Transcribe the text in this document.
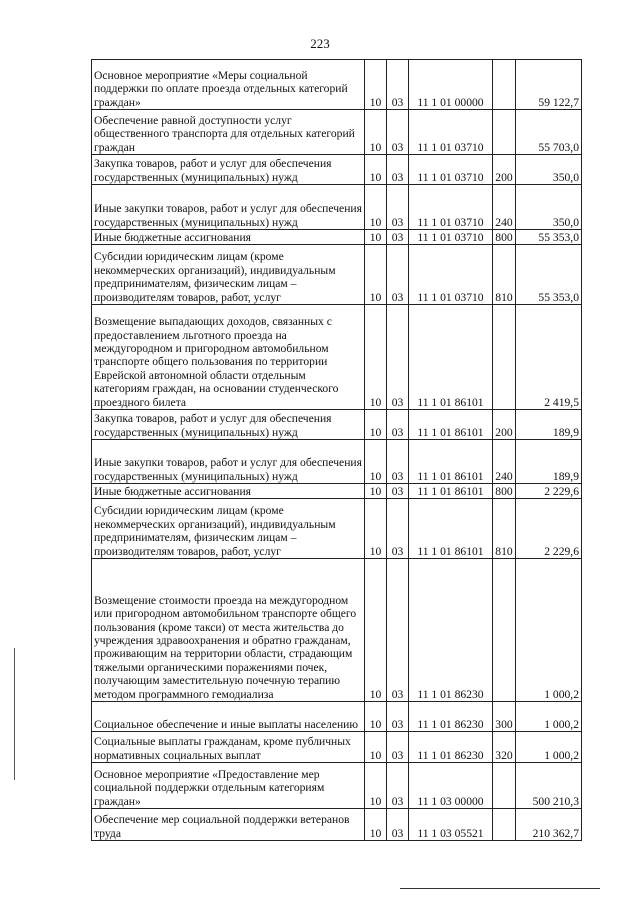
223
Основное мероприятие «Меры социальной поддержки по оплате проезда отдельных категорий граждан»	10	03	11 1 01 00000		59 122,7
Обеспечение равной доступности услуг общественного транспорта для отдельных категорий граждан	10	03	11 1 01 03710		55 703,0
Закупка товаров, работ и услуг для обеспечения государственных (муниципальных) нужд	10	03	11 1 01 03710	200	350,0
Иные закупки товаров, работ и услуг для обеспечения государственных (муниципальных) нужд	10	03	11 1 01 03710	240	350,0
Иные бюджетные ассигнования	10	03	11 1 01 03710	800	55 353,0
Субсидии юридическим лицам (кроме некоммерческих организаций), индивидуальным предпринимателям, физическим лицам – производителям товаров, работ, услуг	10	03	11 1 01 03710	810	55 353,0
Возмещение выпадающих доходов, связанных с предоставлением льготного проезда на междугородном и пригородном автомобильном транспорте общего пользования по территории Еврейской автономной области отдельным категориям граждан, на основании студенческого проездного билета	10	03	11 1 01 86101		2 419,5
Закупка товаров, работ и услуг для обеспечения государственных (муниципальных) нужд	10	03	11 1 01 86101	200	189,9
Иные закупки товаров, работ и услуг для обеспечения государственных (муниципальных) нужд	10	03	11 1 01 86101	240	189,9
Иные бюджетные ассигнования	10	03	11 1 01 86101	800	2 229,6
Субсидии юридическим лицам (кроме некоммерческих организаций), индивидуальным предпринимателям, физическим лицам – производителям товаров, работ, услуг	10	03	11 1 01 86101	810	2 229,6
Возмещение стоимости проезда на междугородном или пригородном автомобильном транспорте общего пользования (кроме такси) от места жительства до учреждения здравоохранения и обратно гражданам, проживающим на территории области, страдающим тяжелыми органическими поражениями почек, получающим заместительную почечную терапию методом программного гемодиализа	10	03	11 1 01 86230		1 000,2
Социальное обеспечение и иные выплаты населению	10	03	11 1 01 86230	300	1 000,2
Социальные выплаты гражданам, кроме публичных нормативных социальных выплат	10	03	11 1 01 86230	320	1 000,2
Основное мероприятие «Предоставление мер социальной поддержки отдельным категориям граждан»	10	03	11 1 03 00000		500 210,3
Обеспечение мер социальной поддержки ветеранов труда	10	03	11 1 03 05521		210 362,7
